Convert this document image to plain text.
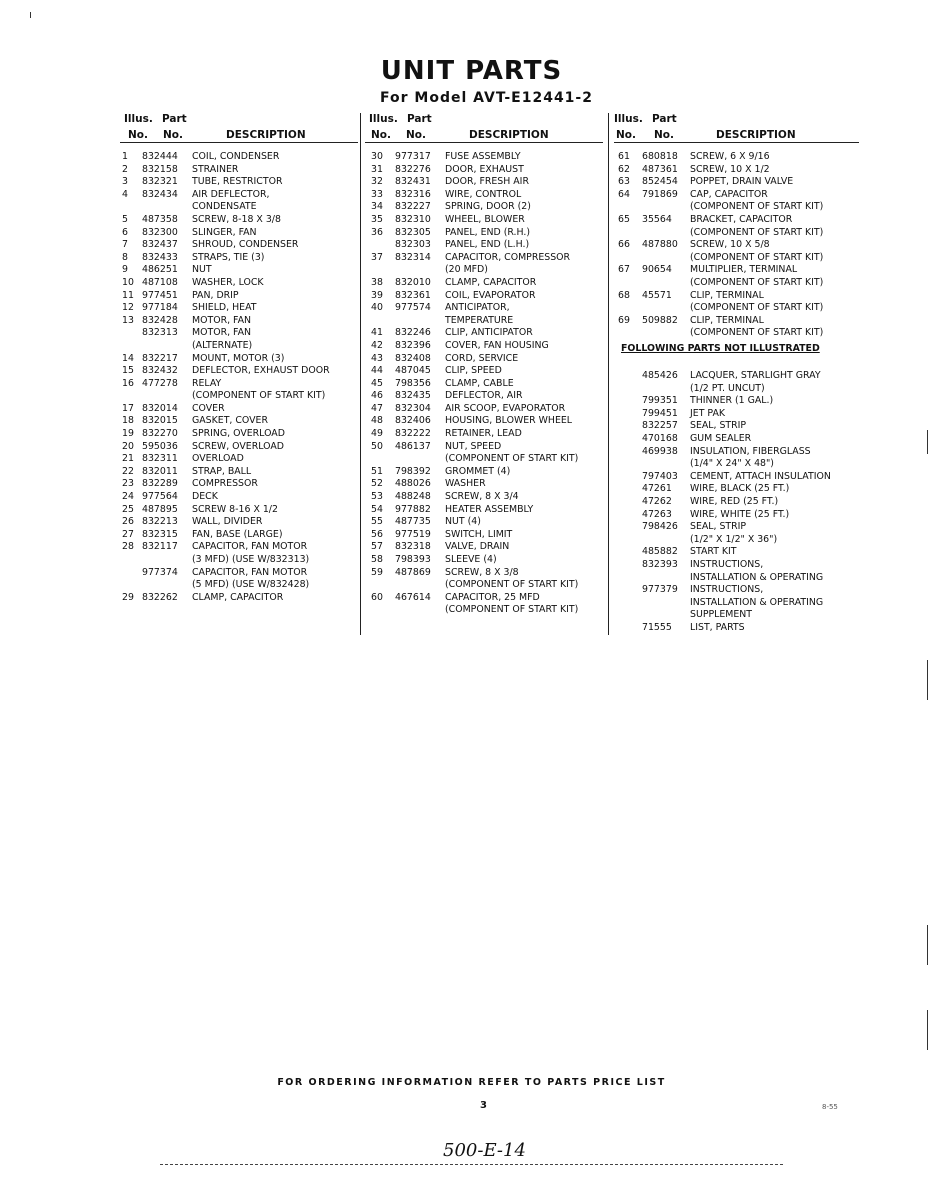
UNIT PARTS
For Model AVT-E12441-2
Illus. Part
No. No.	DESCRIPTION
1 832444 COIL, CONDENSER
2 832158 STRAINER
3 832321 TUBE, RESTRICTOR
4 832434 AIR DEFLECTOR,
CONDENSATE
5 487358 SCREW, 8-18 X 3/8
6 832300 SLINGER, FAN
7 832437 SHROUD, CONDENSER
8 832433 STRAPS, TIE (3)
9 486251 NUT
10 487108 WASHER, LOCK
11 977451 PAN, DRIP
12 977184 SHIELD, HEAT
13 832428 MOTOR, FAN
832313 MOTOR, FAN
(ALTERNATE)
14 832217 MOUNT, MOTOR (3)
15 832432 DEFLECTOR, EXHAUST DOOR
16 477278 RELAY
(COMPONENT OF START KIT)
17 832014 COVER
18 832015 GASKET, COVER
19 832270 SPRING, OVERLOAD
20 595036 SCREW, OVERLOAD
21 832311 OVERLOAD
22 832011 STRAP, BALL
23 832289 COMPRESSOR
24 977564 DECK
25 487895 SCREW 8-16 X 1/2
26 832213 WALL, DIVIDER
27 832315 FAN, BASE (LARGE)
28 832117 CAPACITOR, FAN MOTOR
(3 MFD) (USE W/832313)
977374 CAPACITOR, FAN MOTOR
(5 MFD) (USE W/832428)
29 832262 CLAMP, CAPACITOR
Illus. Part
No. No.	DESCRIPTION
30 977317 FUSE ASSEMBLY
31 832276 DOOR, EXHAUST
32 832431 DOOR, FRESH AIR
33 832316 WIRE, CONTROL
34 832227 SPRING, DOOR (2)
35 832310 WHEEL, BLOWER
36 832305 PANEL, END (R.H.)
832303 PANEL, END (L.H.)
37 832314 CAPACITOR, COMPRESSOR
(20 MFD)
38 832010 CLAMP, CAPACITOR
39 832361 COIL, EVAPORATOR
40 977574 ANTICIPATOR,
TEMPERATURE
41 832246 CLIP, ANTICIPATOR
42 832396 COVER, FAN HOUSING
43 832408 CORD, SERVICE
44 487045 CLIP, SPEED
45 798356 CLAMP, CABLE
46 832435 DEFLECTOR, AIR
47 832304 AIR SCOOP, EVAPORATOR
48 832406 HOUSING, BLOWER WHEEL
49 832222 RETAINER, LEAD
50 486137 NUT, SPEED
(COMPONENT OF START KIT)
51 798392 GROMMET (4)
52 488026 WASHER
53 488248 SCREW, 8 X 3/4
54 977882 HEATER ASSEMBLY
55 487735 NUT (4)
56 977519 SWITCH, LIMIT
57 832318 VALVE, DRAIN
58 798393 SLEEVE (4)
59 487869 SCREW, 8 X 3/8
(COMPONENT OF START KIT)
60 467614 CAPACITOR, 25 MFD
(COMPONENT OF START KIT)
Illus. Part
No. No.	DESCRIPTION
61 680818 SCREW, 6 X 9/16
62 487361 SCREW, 10 X 1/2
63 852454 POPPET, DRAIN VALVE
64 791869 CAP, CAPACITOR
(COMPONENT OF START KIT)
65 35564 BRACKET, CAPACITOR
(COMPONENT OF START KIT)
66 487880 SCREW, 10 X 5/8
(COMPONENT OF START KIT)
67 90654 MULTIPLIER, TERMINAL
(COMPONENT OF START KIT)
68 45571 CLIP, TERMINAL
(COMPONENT OF START KIT)
69 509882 CLIP, TERMINAL
(COMPONENT OF START KIT)
FOLLOWING PARTS NOT ILLUSTRATED
485426 LACQUER, STARLIGHT GRAY
(1/2 PT. UNCUT)
799351 THINNER (1 GAL.)
799451 JET PAK
832257 SEAL, STRIP
470168 GUM SEALER
469938 INSULATION, FIBERGLASS
(1/4" X 24" X 48")
797403 CEMENT, ATTACH INSULATION
47261 WIRE, BLACK (25 FT.)
47262 WIRE, RED (25 FT.)
47263 WIRE, WHITE (25 FT.)
798426 SEAL, STRIP
(1/2" X 1/2" X 36")
485882 START KIT
832393 INSTRUCTIONS,
INSTALLATION & OPERATING
977379 INSTRUCTIONS,
INSTALLATION & OPERATING
SUPPLEMENT
71555 LIST, PARTS
FOR ORDERING INFORMATION REFER TO PARTS PRICE LIST
3	8-55
500-E-14
